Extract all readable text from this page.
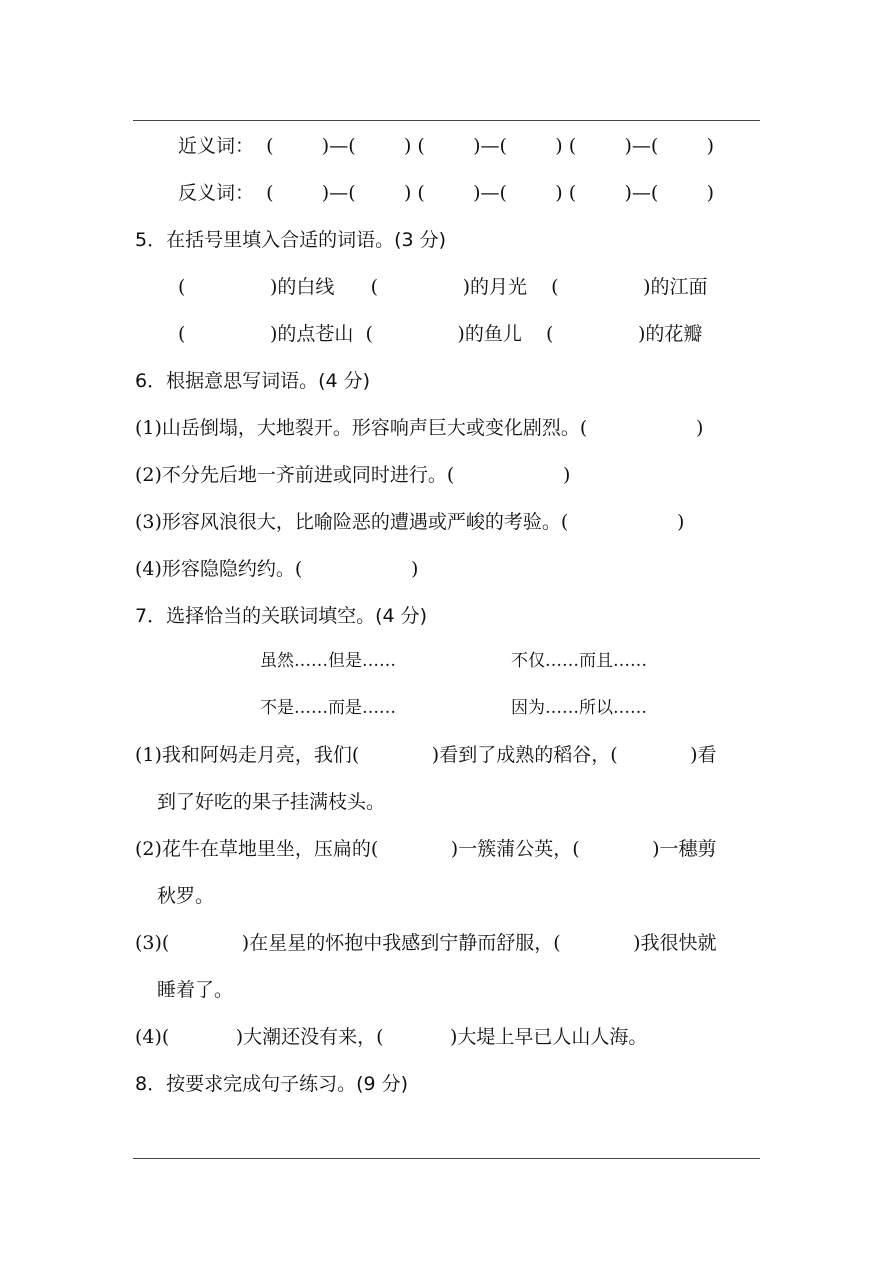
近义词：  (        )—(        ) (        )—(        ) (        )—(        )
反义词：  (        )—(        ) (        )—(        ) (        )—(        )
5．在括号里填入合适的词语。(3 分)
(              )的白线      (              )的月光    (              )的江面
(              )的点苍山  (              )的鱼儿    (              )的花瓣
6．根据意思写词语。(4 分)
(1)山岳倒塌，大地裂开。形容响声巨大或变化剧烈。(                  )
(2)不分先后地一齐前进或同时进行。(                  )
(3)形容风浪很大，比喻险恶的遭遇或严峻的考验。(                  )
(4)形容隐隐约约。(                  )
7．选择恰当的关联词填空。(4 分)
虽然……但是……	不仅……而且……
不是……而是……	因为……所以……
(1)我和阿妈走月亮，我们(            )看到了成熟的稻谷，(            )看
到了好吃的果子挂满枝头。
(2)花牛在草地里坐，压扁的(            )一簇蒲公英，(            )一穗剪
秋罗。
(3)(            )在星星的怀抱中我感到宁静而舒服，(            )我很快就
睡着了。
(4)(           )大潮还没有来，(           )大堤上早已人山人海。
8．按要求完成句子练习。(9 分)
